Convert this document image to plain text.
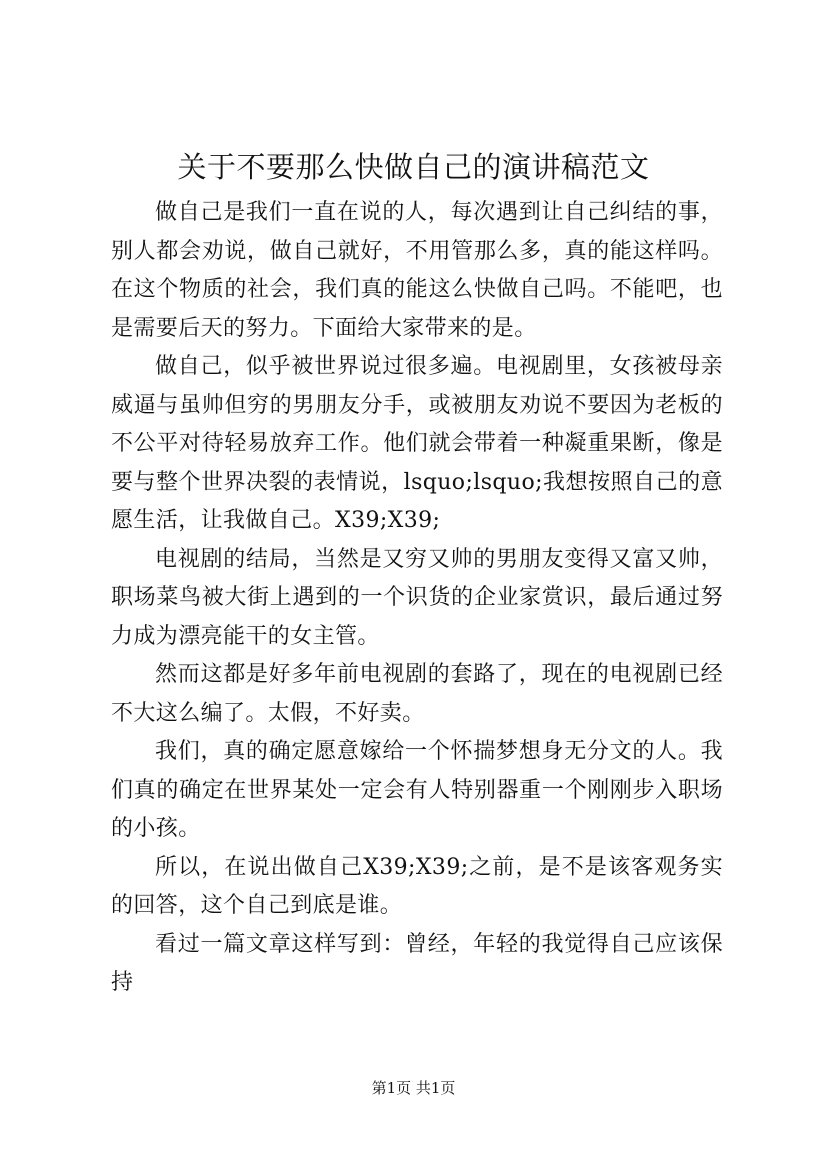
关于不要那么快做自己的演讲稿范文

做自己是我们一直在说的人，每次遇到让自己纠结的事，别人都会劝说，做自己就好，不用管那么多，真的能这样吗。在这个物质的社会，我们真的能这么快做自己吗。不能吧，也是需要后天的努力。下面给大家带来的是。

做自己，似乎被世界说过很多遍。电视剧里，女孩被母亲威逼与虽帅但穷的男朋友分手，或被朋友劝说不要因为老板的不公平对待轻易放弃工作。他们就会带着一种凝重果断，像是要与整个世界决裂的表情说，lsquo;lsquo;我想按照自己的意愿生活，让我做自己。X39;X39;

电视剧的结局，当然是又穷又帅的男朋友变得又富又帅，职场菜鸟被大街上遇到的一个识货的企业家赏识，最后通过努力成为漂亮能干的女主管。

然而这都是好多年前电视剧的套路了，现在的电视剧已经不大这么编了。太假，不好卖。

我们，真的确定愿意嫁给一个怀揣梦想身无分文的人。我们真的确定在世界某处一定会有人特别器重一个刚刚步入职场的小孩。

所以，在说出做自己X39;X39;之前，是不是该客观务实的回答，这个自己到底是谁。

看过一篇文章这样写到：曾经，年轻的我觉得自己应该保持

第1页 共1页
